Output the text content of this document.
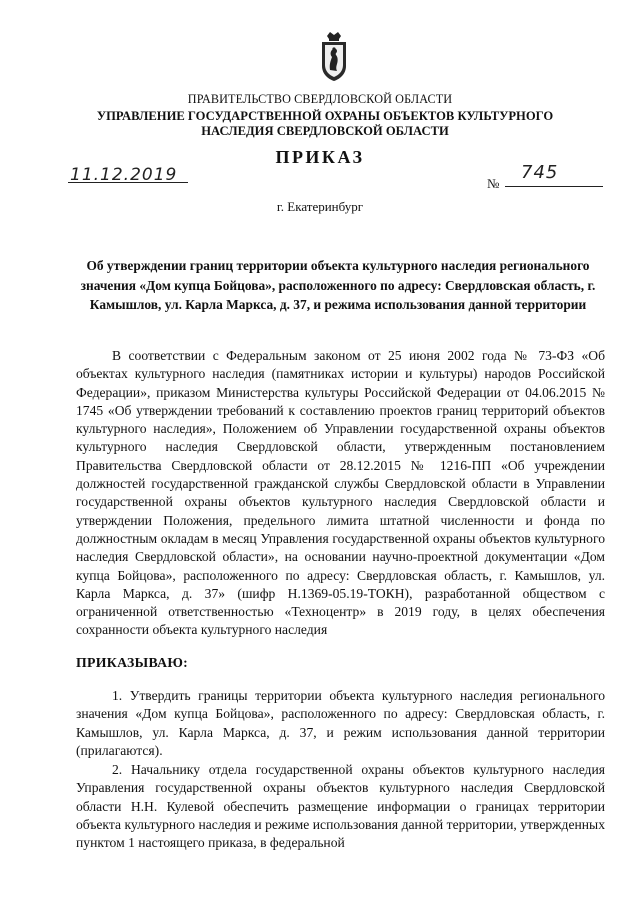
ПРАВИТЕЛЬСТВО СВЕРДЛОВСКОЙ ОБЛАСТИ
УПРАВЛЕНИЕ ГОСУДАРСТВЕННОЙ ОХРАНЫ ОБЪЕКТОВ КУЛЬТУРНОГО НАСЛЕДИЯ СВЕРДЛОВСКОЙ ОБЛАСТИ
ПРИКАЗ
11.12.2019	№
745
г. Екатеринбург
Об утверждении границ территории объекта культурного наследия регионального значения «Дом купца Бойцова», расположенного по адресу: Свердловская область, г. Камышлов, ул. Карла Маркса, д. 37, и режима использования данной территории
В соответствии с Федеральным законом от 25 июня 2002 года № 73-ФЗ «Об объектах культурного наследия (памятниках истории и культуры) народов Российской Федерации», приказом Министерства культуры Российской Федерации от 04.06.2015 № 1745 «Об утверждении требований к составлению проектов границ территорий объектов культурного наследия», Положением об Управлении государственной охраны объектов культурного наследия Свердловской области, утвержденным постановлением Правительства Свердловской области от 28.12.2015 № 1216-ПП «Об учреждении должностей государственной гражданской службы Свердловской области в Управлении государственной охраны объектов культурного наследия Свердловской области и утверждении Положения, предельного лимита штатной численности и фонда по должностным окладам в месяц Управления государственной охраны объектов культурного наследия Свердловской области», на основании научно-проектной документации «Дом купца Бойцова», расположенного по адресу: Свердловская область, г. Камышлов, ул. Карла Маркса, д. 37» (шифр Н.1369-05.19-ТОКН), разработанной обществом с ограниченной ответственностью «Техноцентр» в 2019 году, в целях обеспечения сохранности объекта культурного наследия
ПРИКАЗЫВАЮ:
1. Утвердить границы территории объекта культурного наследия регионального значения «Дом купца Бойцова», расположенного по адресу: Свердловская область, г. Камышлов, ул. Карла Маркса, д. 37, и режим использования данной территории (прилагаются).
2. Начальнику отдела государственной охраны объектов культурного наследия Управления государственной охраны объектов культурного наследия Свердловской области Н.Н. Кулевой обеспечить размещение информации о границах территории объекта культурного наследия и режиме использования данной территории, утвержденных пунктом 1 настоящего приказа, в федеральной
